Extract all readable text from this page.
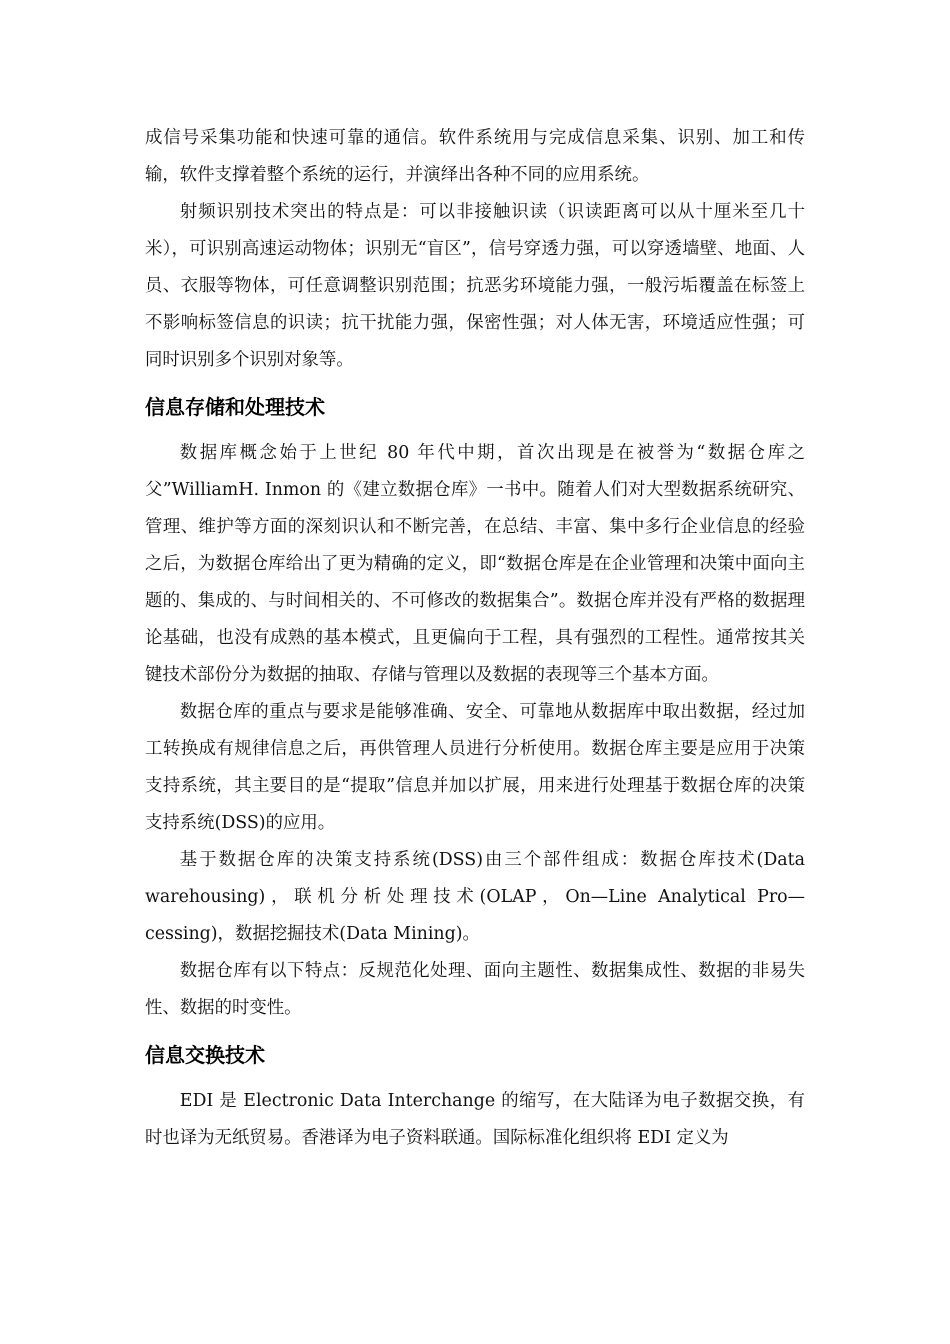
成信号采集功能和快速可靠的通信。软件系统用与完成信息采集、识别、加工和传输，软件支撑着整个系统的运行，并演绎出各种不同的应用系统。

射频识别技术突出的特点是：可以非接触识读（识读距离可以从十厘米至几十米），可识别高速运动物体；识别无“盲区”，信号穿透力强，可以穿透墙壁、地面、人员、衣服等物体，可任意调整识别范围；抗恶劣环境能力强，一般污垢覆盖在标签上不影响标签信息的识读；抗干扰能力强，保密性强；对人体无害，环境适应性强；可同时识别多个识别对象等。

信息存储和处理技术

数据库概念始于上世纪 80 年代中期，首次出现是在被誉为“数据仓库之父”WilliamH. Inmon 的《建立数据仓库》一书中。随着人们对大型数据系统研究、管理、维护等方面的深刻识认和不断完善，在总结、丰富、集中多行企业信息的经验之后，为数据仓库给出了更为精确的定义，即“数据仓库是在企业管理和决策中面向主题的、集成的、与时间相关的、不可修改的数据集合”。数据仓库并没有严格的数据理论基础，也没有成熟的基本模式，且更偏向于工程，具有强烈的工程性。通常按其关键技术部份分为数据的抽取、存储与管理以及数据的表现等三个基本方面。

数据仓库的重点与要求是能够准确、安全、可靠地从数据库中取出数据，经过加工转换成有规律信息之后，再供管理人员进行分析使用。数据仓库主要是应用于决策支持系统，其主要目的是“提取”信息并加以扩展，用来进行处理基于数据仓库的决策支持系统(DSS)的应用。

基于数据仓库的决策支持系统(DSS)由三个部件组成：数据仓库技术(Data warehousing)，联机分析处理技术(OLAP，On—Line Analytical Pro—cessing)，数据挖掘技术(Data Mining)。

数据仓库有以下特点：反规范化处理、面向主题性、数据集成性、数据的非易失性、数据的时变性。

信息交换技术

EDI 是 Electronic Data Interchange 的缩写，在大陆译为电子数据交换，有时也译为无纸贸易。香港译为电子资料联通。国际标准化组织将 EDI 定义为
